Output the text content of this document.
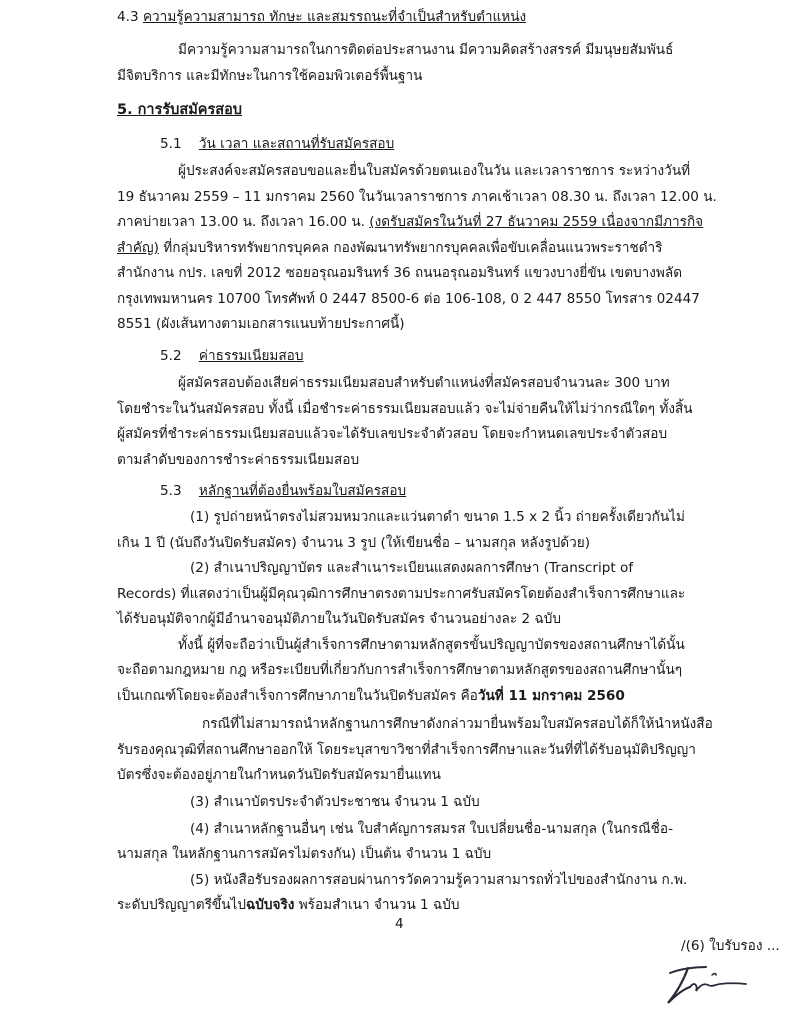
4.3 ความรู้ความสามารถ ทักษะ และสมรรถนะที่จำเป็นสำหรับตำแหน่ง
มีความรู้ความสามารถในการติดต่อประสานงาน มีความคิดสร้างสรรค์ มีมนุษยสัมพันธ์
มีจิตบริการ และมีทักษะในการใช้คอมพิวเตอร์พื้นฐาน
5. การรับสมัครสอบ
5.1 วัน เวลา และสถานที่รับสมัครสอบ
ผู้ประสงค์จะสมัครสอบขอและยื่นใบสมัครด้วยตนเองในวัน และเวลาราชการ ระหว่างวันที่
19 ธันวาคม 2559 – 11 มกราคม 2560 ในวันเวลาราชการ ภาคเช้าเวลา 08.30 น. ถึงเวลา 12.00 น.
ภาคบ่ายเวลา 13.00 น. ถึงเวลา 16.00 น. (งดรับสมัครในวันที่ 27 ธันวาคม 2559 เนื่องจากมีภารกิจ
สำคัญ) ที่กลุ่มบริหารทรัพยากรบุคคล กองพัฒนาทรัพยากรบุคคลเพื่อขับเคลื่อนแนวพระราชดำริ
สำนักงาน กปร. เลขที่ 2012 ซอยอรุณอมรินทร์ 36 ถนนอรุณอมรินทร์ แขวงบางยี่ขัน เขตบางพลัด
กรุงเทพมหานคร 10700 โทรศัพท์ 0 2447 8500-6 ต่อ 106-108, 0 2 447 8550 โทรสาร 02447
8551 (ผังเส้นทางตามเอกสารแนบท้ายประกาศนี้)
5.2 ค่าธรรมเนียมสอบ
ผู้สมัครสอบต้องเสียค่าธรรมเนียมสอบสำหรับตำแหน่งที่สมัครสอบจำนวนละ 300 บาท
โดยชำระในวันสมัครสอบ ทั้งนี้ เมื่อชำระค่าธรรมเนียมสอบแล้ว จะไม่จ่ายคืนให้ไม่ว่ากรณีใดๆ ทั้งสิ้น
ผู้สมัครที่ชำระค่าธรรมเนียมสอบแล้วจะได้รับเลขประจำตัวสอบ โดยจะกำหนดเลขประจำตัวสอบ
ตามลำดับของการชำระค่าธรรมเนียมสอบ
5.3 หลักฐานที่ต้องยื่นพร้อมใบสมัครสอบ
(1) รูปถ่ายหน้าตรงไม่สวมหมวกและแว่นตาดำ ขนาด 1.5 x 2 นิ้ว ถ่ายครั้งเดียวกันไม่
เกิน 1 ปี (นับถึงวันปิดรับสมัคร) จำนวน 3 รูป (ให้เขียนชื่อ – นามสกุล หลังรูปด้วย)
(2) สำเนาปริญญาบัตร และสำเนาระเบียนแสดงผลการศึกษา (Transcript of
Records) ที่แสดงว่าเป็นผู้มีคุณวุฒิการศึกษาตรงตามประกาศรับสมัครโดยต้องสำเร็จการศึกษาและ
ได้รับอนุมัติจากผู้มีอำนาจอนุมัติภายในวันปิดรับสมัคร จำนวนอย่างละ 2 ฉบับ
ทั้งนี้ ผู้ที่จะถือว่าเป็นผู้สำเร็จการศึกษาตามหลักสูตรขั้นปริญญาบัตรของสถานศึกษาได้นั้น
จะถือตามกฎหมาย กฎ หรือระเบียบที่เกี่ยวกับการสำเร็จการศึกษาตามหลักสูตรของสถานศึกษานั้นๆ
เป็นเกณฑ์โดยจะต้องสำเร็จการศึกษาภายในวันปิดรับสมัคร คือวันที่ 11 มกราคม 2560
กรณีที่ไม่สามารถนำหลักฐานการศึกษาดังกล่าวมายื่นพร้อมใบสมัครสอบได้ก็ให้นำหนังสือ
รับรองคุณวุฒิที่สถานศึกษาออกให้ โดยระบุสาขาวิชาที่สำเร็จการศึกษาและวันที่ที่ได้รับอนุมัติปริญญา
บัตรซึ่งจะต้องอยู่ภายในกำหนดวันปิดรับสมัครมายื่นแทน
(3) สำเนาบัตรประจำตัวประชาชน จำนวน 1 ฉบับ
(4) สำเนาหลักฐานอื่นๆ เช่น ใบสำคัญการสมรส ใบเปลี่ยนชื่อ-นามสกุล (ในกรณีชื่อ-
นามสกุล ในหลักฐานการสมัครไม่ตรงกัน) เป็นต้น จำนวน 1 ฉบับ
(5) หนังสือรับรองผลการสอบผ่านการวัดความรู้ความสามารถทั่วไปของสำนักงาน ก.พ.
ระดับปริญญาตรีขึ้นไปฉบับจริง พร้อมสำเนา จำนวน 1 ฉบับ
4
/(6) ใบรับรอง ...
